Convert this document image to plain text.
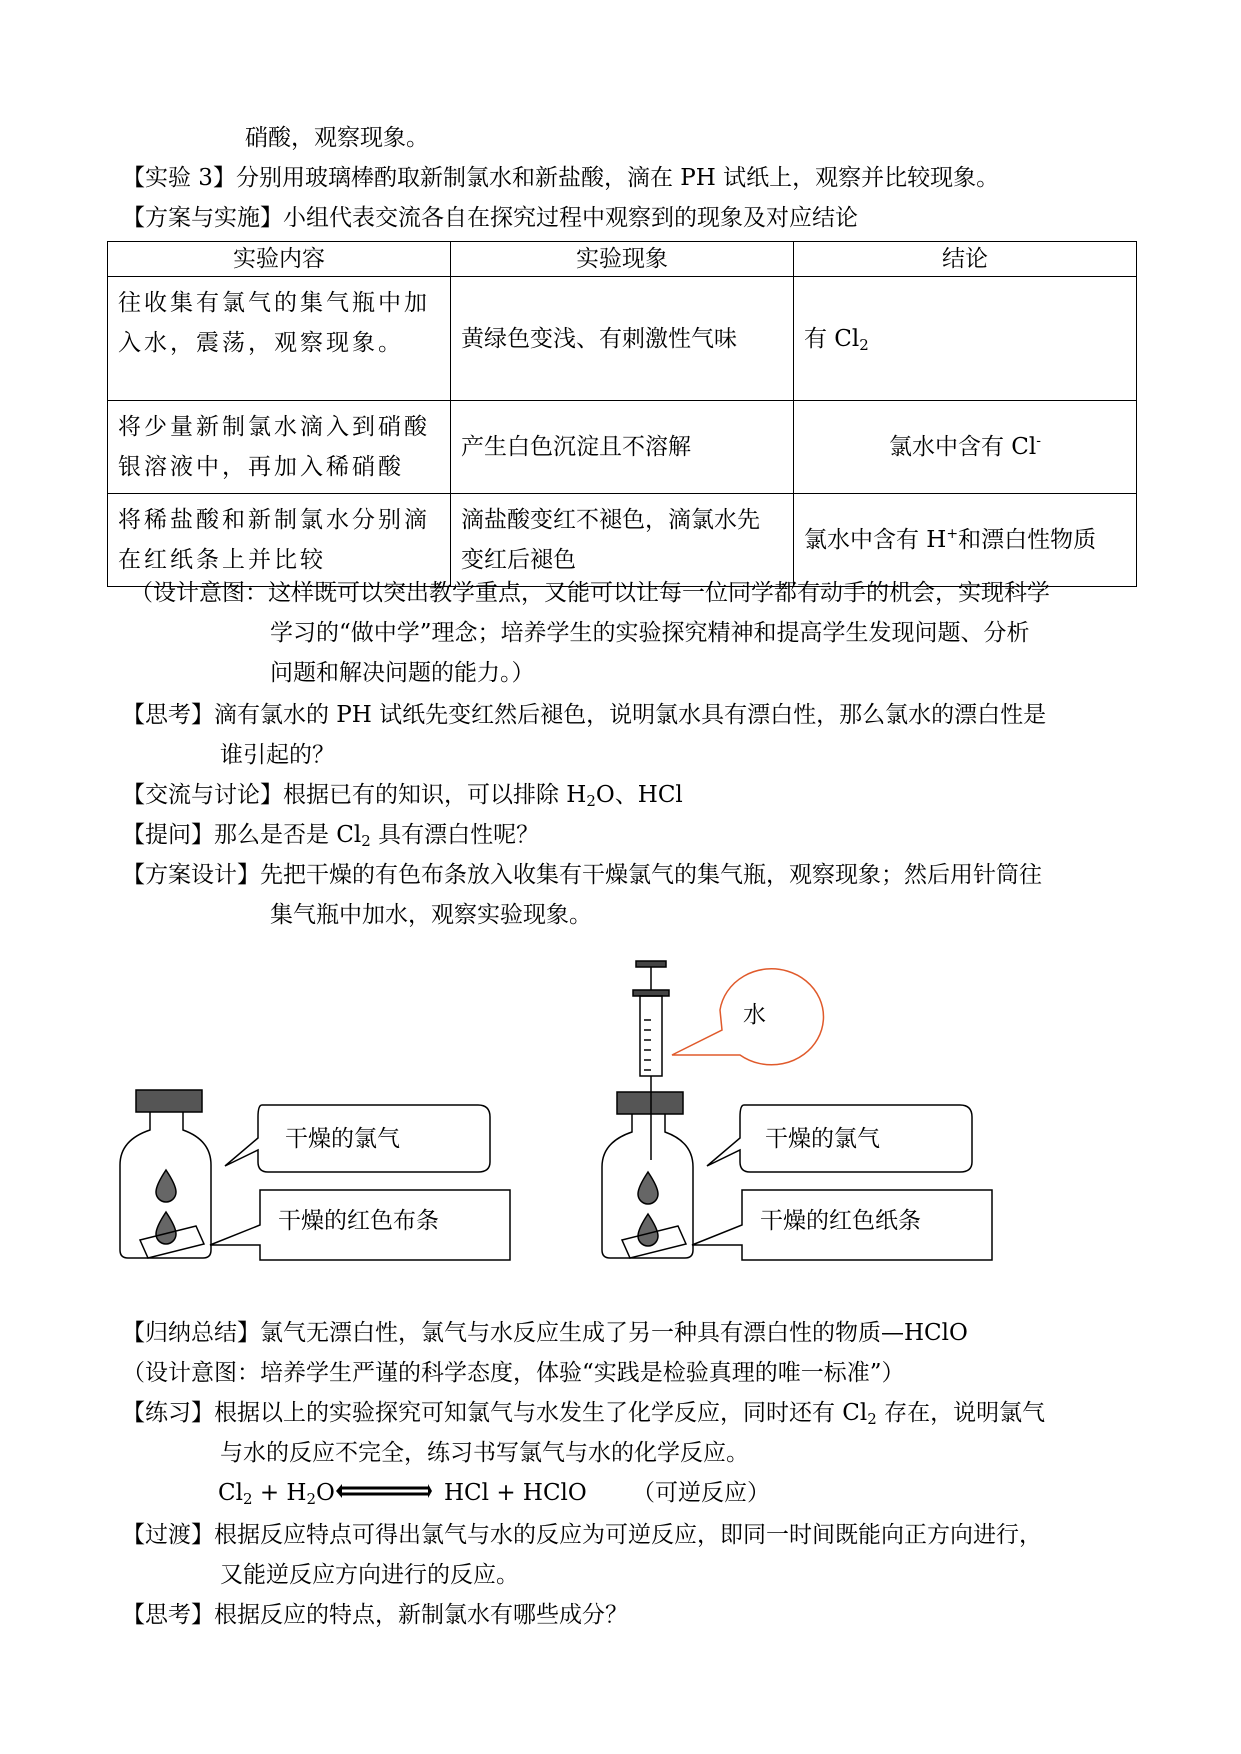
硝酸，观察现象。
【实验 3】分别用玻璃棒酌取新制氯水和新盐酸，滴在 PH 试纸上，观察并比较现象。
【方案与实施】小组代表交流各自在探究过程中观察到的现象及对应结论
实验内容	实验现象	结论
往收集有氯气的集气瓶中加入水，震荡，观察现象。	黄绿色变浅、有刺激性气味	有 $Cl_2$
将少量新制氯水滴入到硝酸银溶液中，再加入稀硝酸	产生白色沉淀且不溶解	氯水中含有 Cl-
将稀盐酸和新制氯水分别滴在红纸条上并比较	滴盐酸变红不褪色，滴氯水先变红后褪色	氯水中含有 H+和漂白性物质
（设计意图：这样既可以突出教学重点，又能可以让每一位同学都有动手的机会，实现科学
学习的“做中学”理念；培养学生的实验探究精神和提高学生发现问题、分析
问题和解决问题的能力。）
【思考】滴有氯水的 PH 试纸先变红然后褪色，说明氯水具有漂白性，那么氯水的漂白性是
谁引起的？
【交流与讨论】根据已有的知识，可以排除 $H_2O$、HCl
【提问】那么是否是 $Cl_2$ 具有漂白性呢？
【方案设计】先把干燥的有色布条放入收集有干燥氯气的集气瓶，观察现象；然后用针筒往
集气瓶中加水，观察实验现象。
干燥的氯气
干燥的红色布条
干燥的氯气
干燥的红色纸条
水
【归纳总结】氯气无漂白性，氯气与水反应生成了另一种具有漂白性的物质—HClO
（设计意图：培养学生严谨的科学态度，体验“实践是检验真理的唯一标准”）
【练习】根据以上的实验探究可知氯气与水发生了化学反应，同时还有 $Cl_2$ 存在，说明氯气
与水的反应不完全，练习书写氯气与水的化学反应。
$Cl_2 + H_2O$	HCl + HClO （可逆反应）
【过渡】根据反应特点可得出氯气与水的反应为可逆反应，即同一时间既能向正方向进行，
又能逆反应方向进行的反应。
【思考】根据反应的特点，新制氯水有哪些成分？
